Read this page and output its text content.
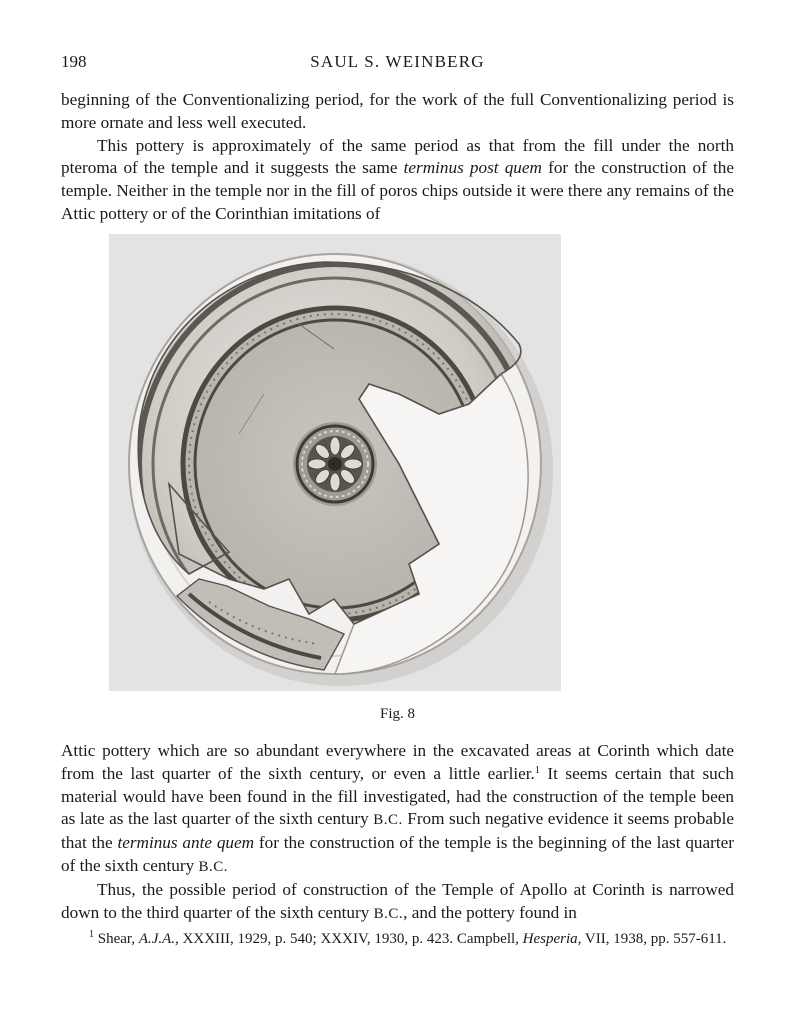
198	SAUL S. WEINBERG

beginning of the Conventionalizing period, for the work of the full Conventionalizing period is more ornate and less well executed.

This pottery is approximately of the same period as that from the fill under the north pteroma of the temple and it suggests the same terminus post quem for the construction of the temple. Neither in the temple nor in the fill of poros chips outside it were there any remains of the Attic pottery or of the Corinthian imitations of

Fig. 8

Attic pottery which are so abundant everywhere in the excavated areas at Corinth which date from the last quarter of the sixth century, or even a little earlier.$^1$ It seems certain that such material would have been found in the fill investigated, had the construction of the temple been as late as the last quarter of the sixth century B.C. From such negative evidence it seems probable that the terminus ante quem for the construction of the temple is the beginning of the last quarter of the sixth century B.C.

Thus, the possible period of construction of the Temple of Apollo at Corinth is narrowed down to the third quarter of the sixth century B.C., and the pottery found in

$^1$ Shear, A.J.A., XXXIII, 1929, p. 540; XXXIV, 1930, p. 423. Campbell, Hesperia, VII, 1938, pp. 557-611.
